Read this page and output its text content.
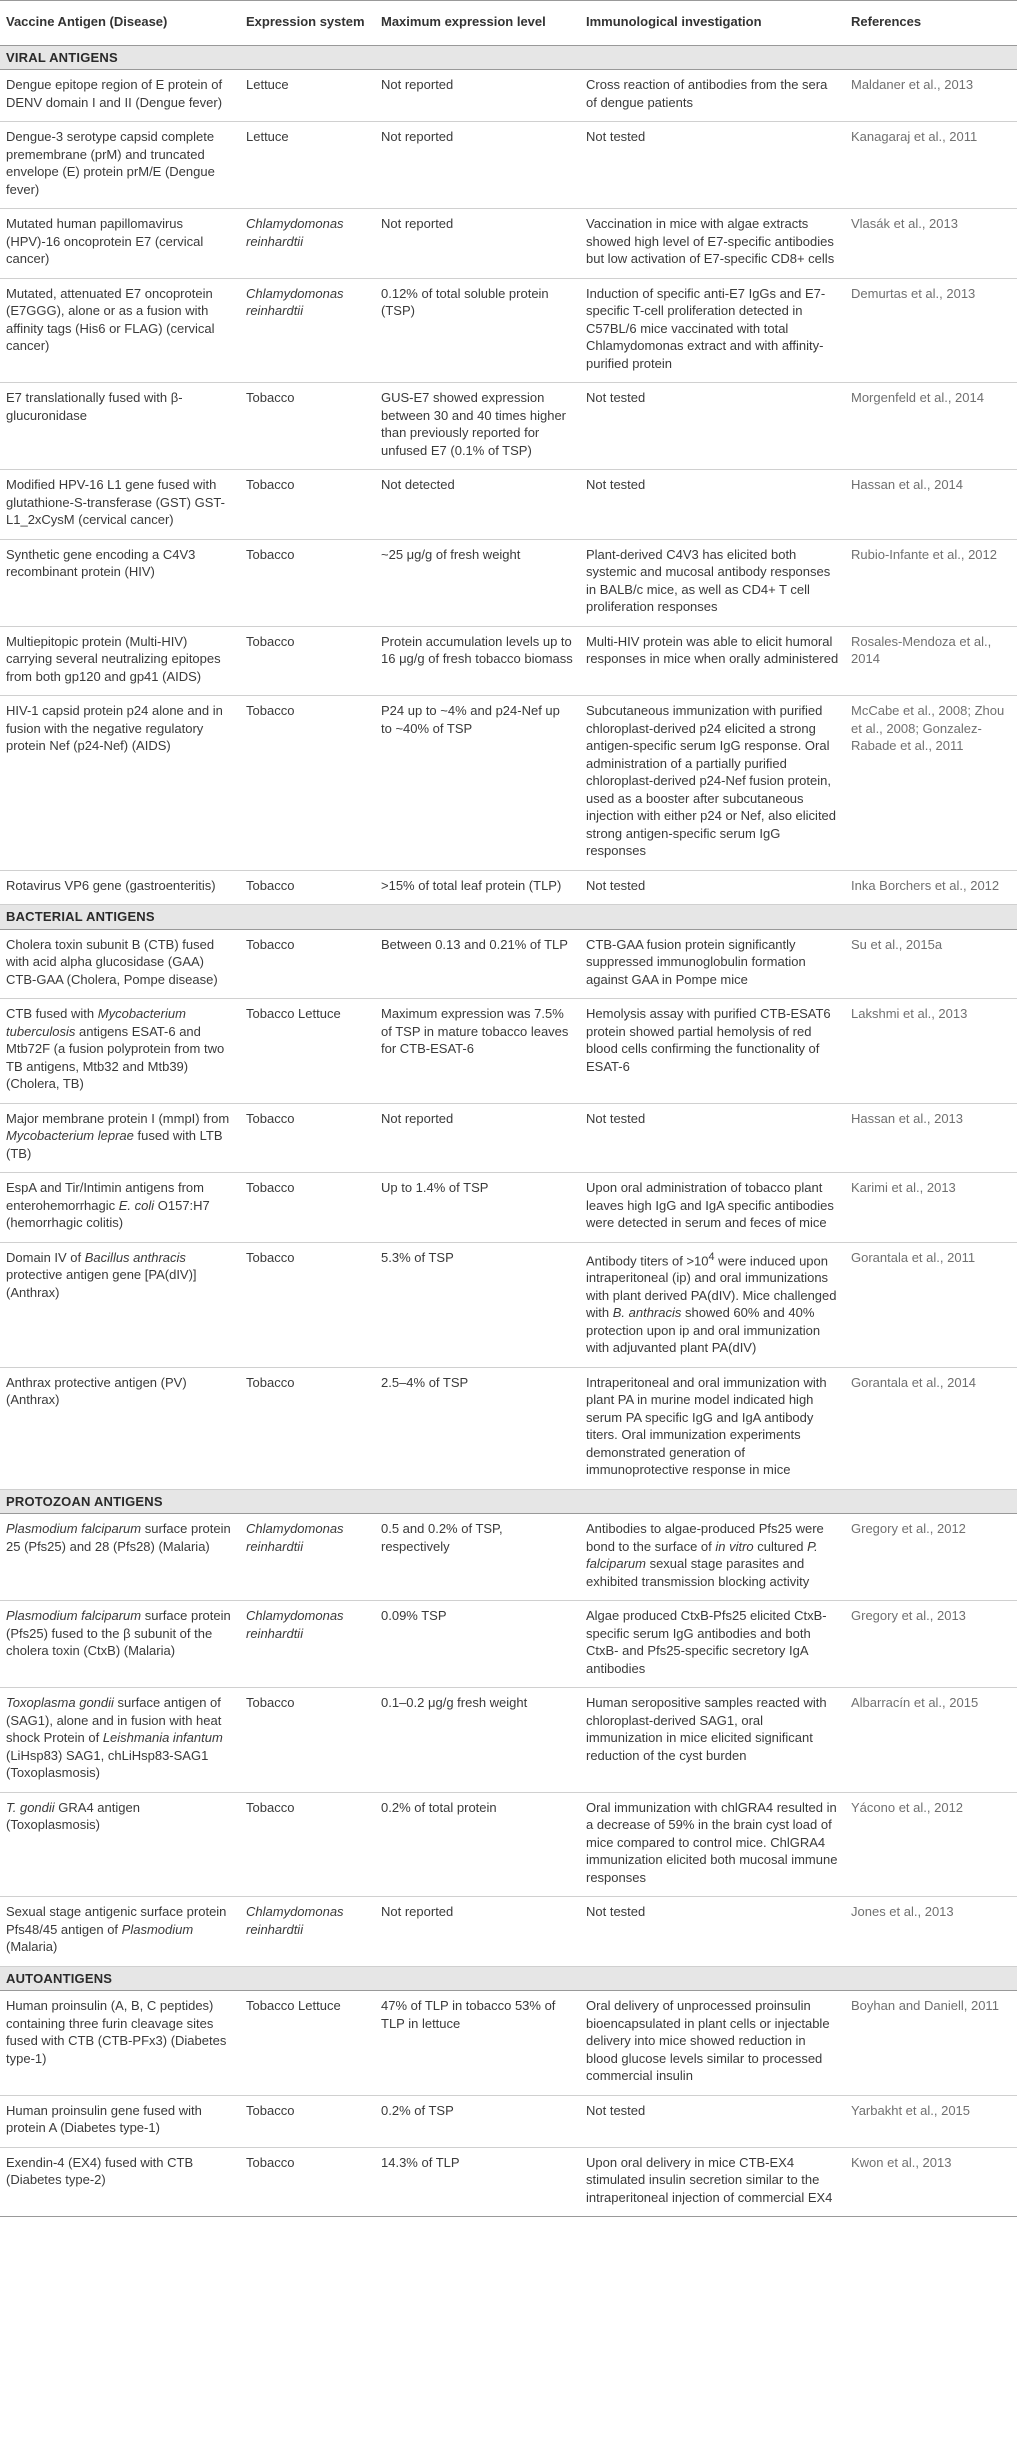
Vaccine Antigen (Disease)	Expression system	Maximum expression level	Immunological investigation	References
VIRAL ANTIGENS				
Dengue epitope region of E protein of DENV domain I and II (Dengue fever)	Lettuce	Not reported	Cross reaction of antibodies from the sera of dengue patients	Maldaner et al., 2013
Dengue-3 serotype capsid complete premembrane (prM) and truncated envelope (E) protein prM/E (Dengue fever)	Lettuce	Not reported	Not tested	Kanagaraj et al., 2011
Mutated human papillomavirus (HPV)-16 oncoprotein E7 (cervical cancer)	Chlamydomonas reinhardtii	Not reported	Vaccination in mice with algae extracts showed high level of E7-specific antibodies but low activation of E7-specific CD8+ cells	Vlasák et al., 2013
Mutated, attenuated E7 oncoprotein (E7GGG), alone or as a fusion with affinity tags (His6 or FLAG) (cervical cancer)	Chlamydomonas reinhardtii	0.12% of total soluble protein (TSP)	Induction of specific anti-E7 IgGs and E7-specific T-cell proliferation detected in C57BL/6 mice vaccinated with total Chlamydomonas extract and with affinity-purified protein	Demurtas et al., 2013
E7 translationally fused with β-glucuronidase	Tobacco	GUS-E7 showed expression between 30 and 40 times higher than previously reported for unfused E7 (0.1% of TSP)	Not tested	Morgenfeld et al., 2014
Modified HPV-16 L1 gene fused with glutathione-S-transferase (GST) GST-L1_2xCysM (cervical cancer)	Tobacco	Not detected	Not tested	Hassan et al., 2014
Synthetic gene encoding a C4V3 recombinant protein (HIV)	Tobacco	~25 μg/g of fresh weight	Plant-derived C4V3 has elicited both systemic and mucosal antibody responses in BALB/c mice, as well as CD4+ T cell proliferation responses	Rubio-Infante et al., 2012
Multiepitopic protein (Multi-HIV) carrying several neutralizing epitopes from both gp120 and gp41 (AIDS)	Tobacco	Protein accumulation levels up to 16 μg/g of fresh tobacco biomass	Multi-HIV protein was able to elicit humoral responses in mice when orally administered	Rosales-Mendoza et al., 2014
HIV-1 capsid protein p24 alone and in fusion with the negative regulatory protein Nef (p24-Nef) (AIDS)	Tobacco	P24 up to ~4% and p24-Nef up to ~40% of TSP	Subcutaneous immunization with purified chloroplast-derived p24 elicited a strong antigen-specific serum IgG response. Oral administration of a partially purified chloroplast-derived p24-Nef fusion protein, used as a booster after subcutaneous injection with either p24 or Nef, also elicited strong antigen-specific serum IgG responses	McCabe et al., 2008; Zhou et al., 2008; Gonzalez-Rabade et al., 2011
Rotavirus VP6 gene (gastroenteritis)	Tobacco	>15% of total leaf protein (TLP)	Not tested	Inka Borchers et al., 2012
BACTERIAL ANTIGENS				
Cholera toxin subunit B (CTB) fused with acid alpha glucosidase (GAA) CTB-GAA (Cholera, Pompe disease)	Tobacco	Between 0.13 and 0.21% of TLP	CTB-GAA fusion protein significantly suppressed immunoglobulin formation against GAA in Pompe mice	Su et al., 2015a
CTB fused with Mycobacterium tuberculosis antigens ESAT-6 and Mtb72F (a fusion polyprotein from two TB antigens, Mtb32 and Mtb39) (Cholera, TB)	Tobacco Lettuce	Maximum expression was 7.5% of TSP in mature tobacco leaves for CTB-ESAT-6	Hemolysis assay with purified CTB-ESAT6 protein showed partial hemolysis of red blood cells confirming the functionality of ESAT-6	Lakshmi et al., 2013
Major membrane protein I (mmpI) from Mycobacterium leprae fused with LTB (TB)	Tobacco	Not reported	Not tested	Hassan et al., 2013
EspA and Tir/Intimin antigens from enterohemorrhagic E. coli O157:H7 (hemorrhagic colitis)	Tobacco	Up to 1.4% of TSP	Upon oral administration of tobacco plant leaves high IgG and IgA specific antibodies were detected in serum and feces of mice	Karimi et al., 2013
Domain IV of Bacillus anthracis protective antigen gene [PA(dIV)] (Anthrax)	Tobacco	5.3% of TSP	Antibody titers of $>10^4$ were induced upon intraperitoneal (ip) and oral immunizations with plant derived PA(dIV). Mice challenged with B. anthracis showed 60% and 40% protection upon ip and oral immunization with adjuvanted plant PA(dIV)	Gorantala et al., 2011
Anthrax protective antigen (PV) (Anthrax)	Tobacco	2.5–4% of TSP	Intraperitoneal and oral immunization with plant PA in murine model indicated high serum PA specific IgG and IgA antibody titers. Oral immunization experiments demonstrated generation of immunoprotective response in mice	Gorantala et al., 2014
PROTOZOAN ANTIGENS				
Plasmodium falciparum surface protein 25 (Pfs25) and 28 (Pfs28) (Malaria)	Chlamydomonas reinhardtii	0.5 and 0.2% of TSP, respectively	Antibodies to algae-produced Pfs25 were bond to the surface of in vitro cultured P. falciparum sexual stage parasites and exhibited transmission blocking activity	Gregory et al., 2012
Plasmodium falciparum surface protein (Pfs25) fused to the β subunit of the cholera toxin (CtxB) (Malaria)	Chlamydomonas reinhardtii	0.09% TSP	Algae produced CtxB-Pfs25 elicited CtxB-specific serum IgG antibodies and both CtxB- and Pfs25-specific secretory IgA antibodies	Gregory et al., 2013
Toxoplasma gondii surface antigen of (SAG1), alone and in fusion with heat shock Protein of Leishmania infantum (LiHsp83) SAG1, chLiHsp83-SAG1 (Toxoplasmosis)	Tobacco	0.1–0.2 μg/g fresh weight	Human seropositive samples reacted with chloroplast-derived SAG1, oral immunization in mice elicited significant reduction of the cyst burden	Albarracín et al., 2015
T. gondii GRA4 antigen (Toxoplasmosis)	Tobacco	0.2% of total protein	Oral immunization with chlGRA4 resulted in a decrease of 59% in the brain cyst load of mice compared to control mice. ChlGRA4 immunization elicited both mucosal immune responses	Yácono et al., 2012
Sexual stage antigenic surface protein Pfs48/45 antigen of Plasmodium (Malaria)	Chlamydomonas reinhardtii	Not reported	Not tested	Jones et al., 2013
AUTOANTIGENS				
Human proinsulin (A, B, C peptides) containing three furin cleavage sites fused with CTB (CTB-PFx3) (Diabetes type-1)	Tobacco Lettuce	47% of TLP in tobacco 53% of TLP in lettuce	Oral delivery of unprocessed proinsulin bioencapsulated in plant cells or injectable delivery into mice showed reduction in blood glucose levels similar to processed commercial insulin	Boyhan and Daniell, 2011
Human proinsulin gene fused with protein A (Diabetes type-1)	Tobacco	0.2% of TSP	Not tested	Yarbakht et al., 2015
Exendin-4 (EX4) fused with CTB (Diabetes type-2)	Tobacco	14.3% of TLP	Upon oral delivery in mice CTB-EX4 stimulated insulin secretion similar to the intraperitoneal injection of commercial EX4	Kwon et al., 2013
